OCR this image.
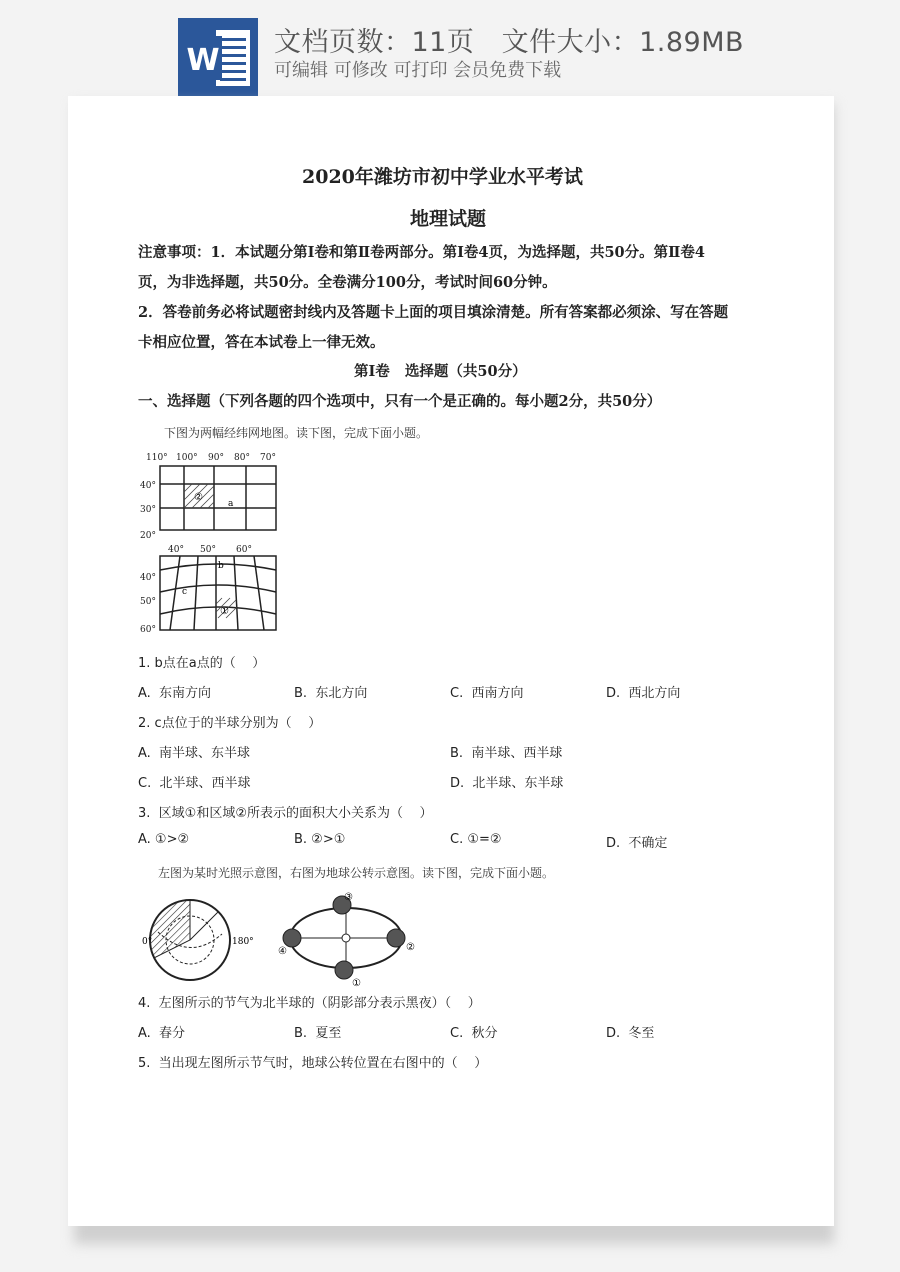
W
文档页数：11页   文件大小：1.89MB
可编辑 可修改 可打印 会员免费下载
2020年潍坊市初中学业水平考试
地理试题
注意事项：1．本试题分第Ⅰ卷和第Ⅱ卷两部分。第Ⅰ卷4页，为选择题，共50分。第Ⅱ卷4
页，为非选择题，共50分。全卷满分100分，考试时间60分钟。
2．答卷前务必将试题密封线内及答题卡上面的项目填涂清楚。所有答案都必须涂、写在答题
卡相应位置，答在本试卷上一律无效。
第Ⅰ卷   选择题（共50分）
一、选择题（下列各题的四个选项中，只有一个是正确的。每小题2分，共50分）
下图为两幅经纬网地图。读下图，完成下面小题。
110° 100° 90° 80° 70°
40°
30°
20°
②
a
40° 50° 60°
40°
50°
60°
①
b
c
1. b点在a点的（    ）
A.  东南方向	B.  东北方向	C.  西南方向	D.  西北方向
2. c点位于的半球分别为（    ）
A.  南半球、东半球	B.  南半球、西半球
C.  北半球、西半球	D.  北半球、东半球
3.  区域①和区域②所表示的面积大小关系为（    ）
A. ①>②	B. ②>①	C. ①=②	D.  不确定
左图为某时光照示意图，右图为地球公转示意图。读下图，完成下面小题。
0°	180°
①
②
③
④
4.  左图所示的节气为北半球的（阴影部分表示黑夜）（    ）
A.  春分	B.  夏至	C.  秋分	D.  冬至
5.  当出现左图所示节气时，地球公转位置在右图中的（    ）
